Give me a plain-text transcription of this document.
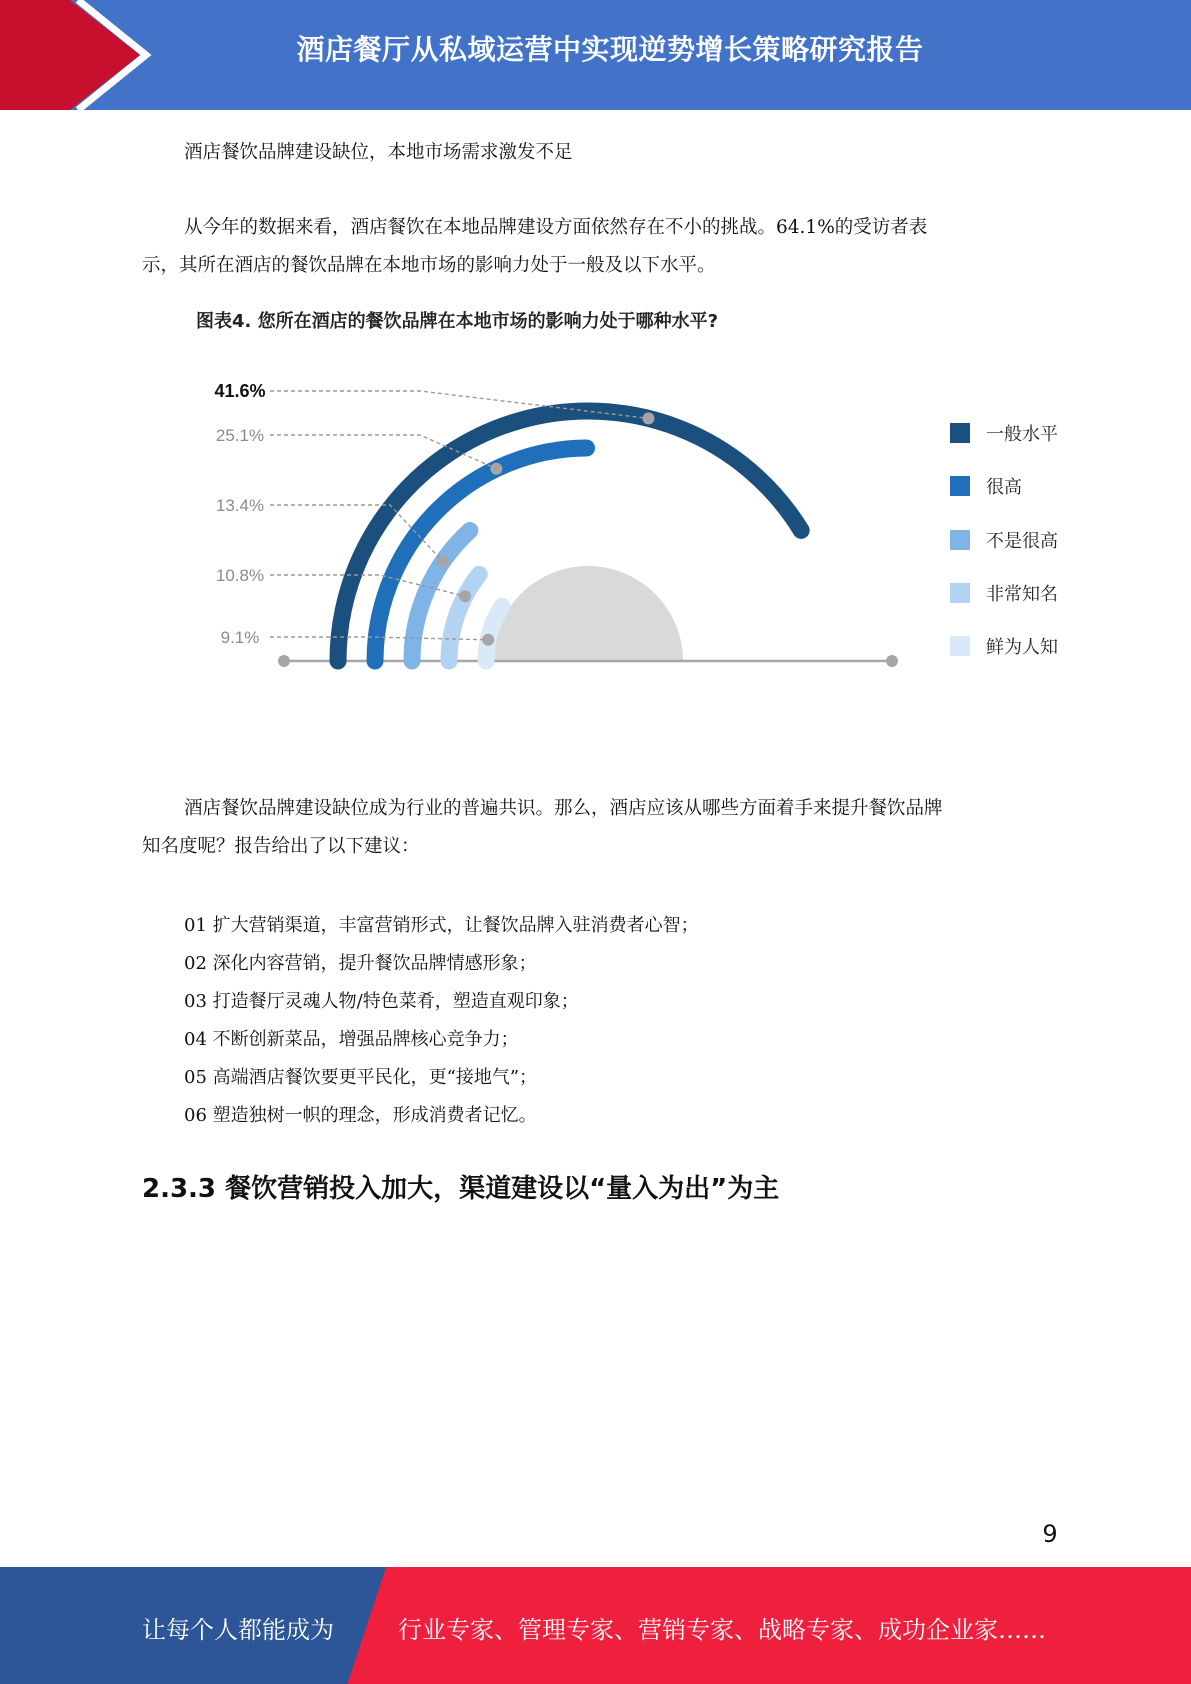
酒店餐厅从私域运营中实现逆势增长策略研究报告

酒店餐饮品牌建设缺位，本地市场需求激发不足

从今年的数据来看，酒店餐饮在本地品牌建设方面依然存在不小的挑战。64.1%的受访者表
示，其所在酒店的餐饮品牌在本地市场的影响力处于一般及以下水平。

图表4. 您所在酒店的餐饮品牌在本地市场的影响力处于哪种水平?

41.6%
25.1%
13.4%
10.8%
9.1%
一般水平
很高
不是很高
非常知名
鲜为人知

酒店餐饮品牌建设缺位成为行业的普遍共识。那么，酒店应该从哪些方面着手来提升餐饮品牌
知名度呢？报告给出了以下建议：

01 扩大营销渠道，丰富营销形式，让餐饮品牌入驻消费者心智；
02 深化内容营销，提升餐饮品牌情感形象；
03 打造餐厅灵魂人物/特色菜肴，塑造直观印象；
04 不断创新菜品，增强品牌核心竞争力；
05 高端酒店餐饮要更平民化，更“接地气”；
06 塑造独树一帜的理念，形成消费者记忆。
2.3.3 餐饮营销投入加大，渠道建设以“量入为出”为主
9
让每个人都能成为	行业专家、管理专家、营销专家、战略专家、成功企业家……
